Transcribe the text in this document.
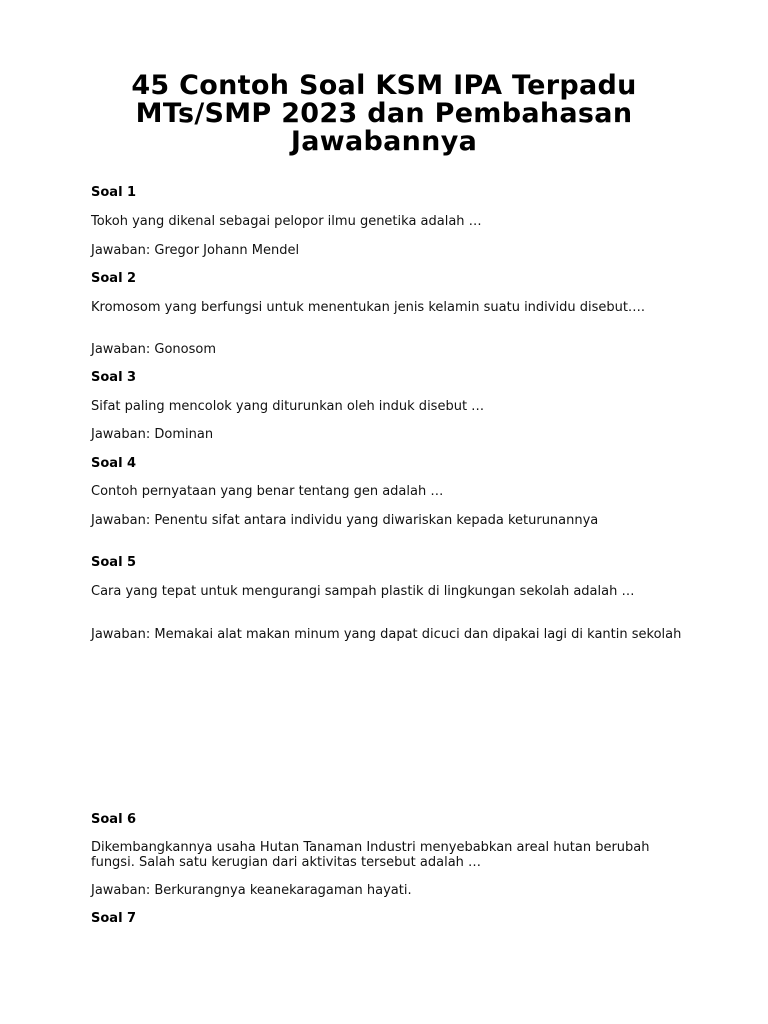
45 Contoh Soal KSM IPA Terpadu MTs/SMP 2023 dan Pembahasan Jawabannya

Soal 1

Tokoh yang dikenal sebagai pelopor ilmu genetika adalah …

Jawaban: Gregor Johann Mendel

Soal 2

Kromosom yang berfungsi untuk menentukan jenis kelamin suatu individu disebut….

Jawaban: Gonosom

Soal 3

Sifat paling mencolok yang diturunkan oleh induk disebut …

Jawaban: Dominan

Soal 4

Contoh pernyataan yang benar tentang gen adalah …

Jawaban: Penentu sifat antara individu yang diwariskan kepada keturunannya

Soal 5

Cara yang tepat untuk mengurangi sampah plastik di lingkungan sekolah adalah …

Jawaban: Memakai alat makan minum yang dapat dicuci dan dipakai lagi di kantin sekolah

Soal 6

Dikembangkannya usaha Hutan Tanaman Industri menyebabkan areal hutan berubah fungsi. Salah satu kerugian dari aktivitas tersebut adalah …

Jawaban: Berkurangnya keanekaragaman hayati.

Soal 7
